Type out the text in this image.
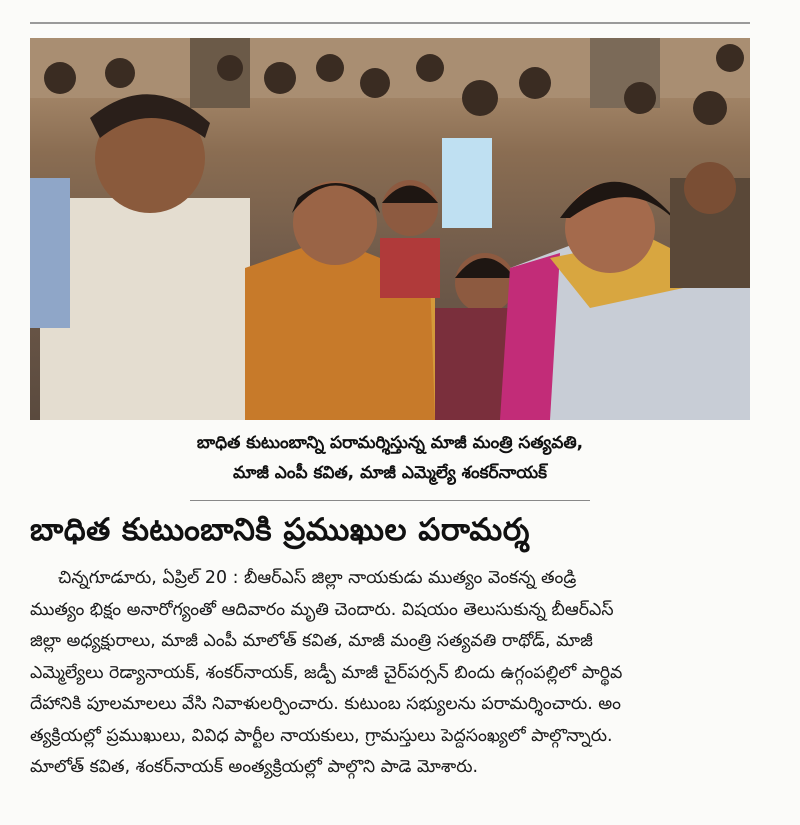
బాధిత కుటుంబాన్ని పరామర్శిస్తున్న మాజీ మంత్రి సత్యవతి,
మాజీ ఎంపీ కవిత, మాజీ ఎమ్మెల్యే శంకర్‌నాయక్
బాధిత కుటుంబానికి ప్రముఖుల పరామర్శ
చిన్నగూడూరు, ఏప్రిల్ 20 : బీఆర్‌ఎస్ జిల్లా నాయకుడు ముత్యం వెంకన్న తండ్రి
ముత్యం భిక్షం అనారోగ్యంతో ఆదివారం మృతి చెందారు. విషయం తెలుసుకున్న బీఆర్‌ఎస్
జిల్లా అధ్యక్షురాలు, మాజీ ఎంపీ మాలోత్ కవిత, మాజీ మంత్రి సత్యవతి రాథోడ్, మాజీ
ఎమ్మెల్యేలు రెడ్యానాయక్, శంకర్‌నాయక్, జడ్పీ మాజీ చైర్‌పర్సన్ బిందు ఉగ్గంపల్లిలో పార్థివ
దేహానికి పూలమాలలు వేసి నివాళులర్పించారు. కుటుంబ సభ్యులను పరామర్శించారు. అం
త్యక్రియల్లో ప్రముఖులు, వివిధ పార్టీల నాయకులు, గ్రామస్తులు పెద్దసంఖ్యలో పాల్గొన్నారు.
మాలోత్ కవిత, శంకర్‌నాయక్ అంత్యక్రియల్లో పాల్గొని పాడె మోశారు.
